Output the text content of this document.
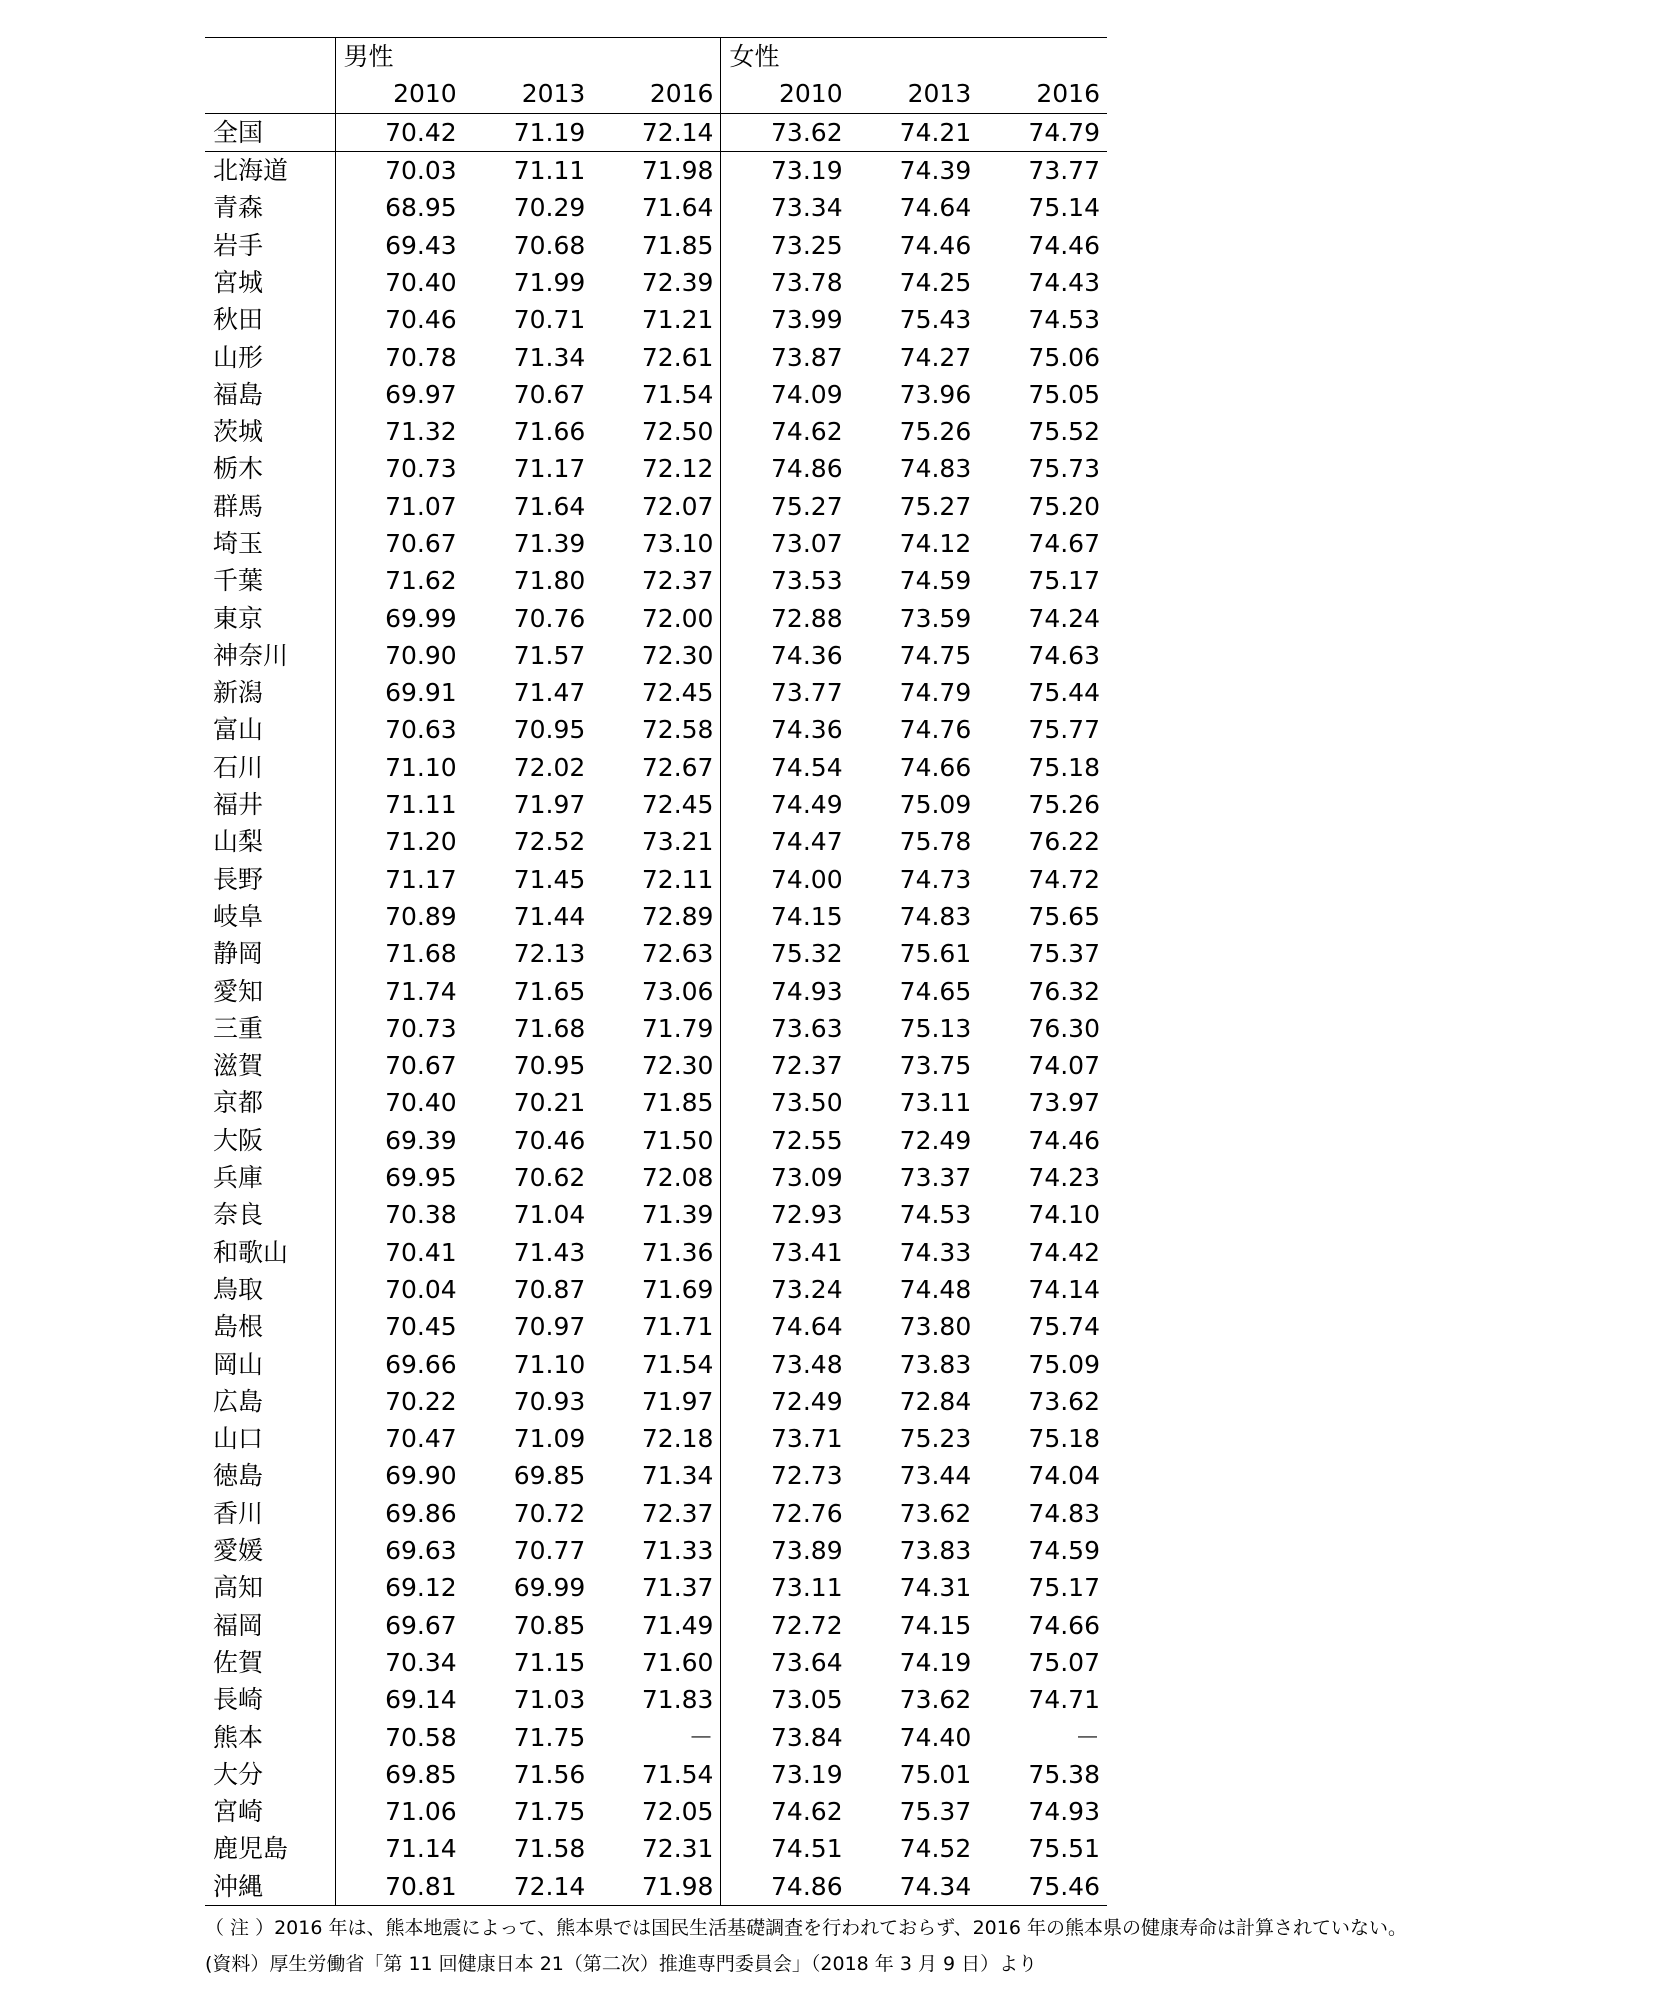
	男性			女性		
	2010	2013	2016	2010	2013	2016
全国	70.42	71.19	72.14	73.62	74.21	74.79
北海道	70.03	71.11	71.98	73.19	74.39	73.77
青森	68.95	70.29	71.64	73.34	74.64	75.14
岩手	69.43	70.68	71.85	73.25	74.46	74.46
宮城	70.40	71.99	72.39	73.78	74.25	74.43
秋田	70.46	70.71	71.21	73.99	75.43	74.53
山形	70.78	71.34	72.61	73.87	74.27	75.06
福島	69.97	70.67	71.54	74.09	73.96	75.05
茨城	71.32	71.66	72.50	74.62	75.26	75.52
栃木	70.73	71.17	72.12	74.86	74.83	75.73
群馬	71.07	71.64	72.07	75.27	75.27	75.20
埼玉	70.67	71.39	73.10	73.07	74.12	74.67
千葉	71.62	71.80	72.37	73.53	74.59	75.17
東京	69.99	70.76	72.00	72.88	73.59	74.24
神奈川	70.90	71.57	72.30	74.36	74.75	74.63
新潟	69.91	71.47	72.45	73.77	74.79	75.44
富山	70.63	70.95	72.58	74.36	74.76	75.77
石川	71.10	72.02	72.67	74.54	74.66	75.18
福井	71.11	71.97	72.45	74.49	75.09	75.26
山梨	71.20	72.52	73.21	74.47	75.78	76.22
長野	71.17	71.45	72.11	74.00	74.73	74.72
岐阜	70.89	71.44	72.89	74.15	74.83	75.65
静岡	71.68	72.13	72.63	75.32	75.61	75.37
愛知	71.74	71.65	73.06	74.93	74.65	76.32
三重	70.73	71.68	71.79	73.63	75.13	76.30
滋賀	70.67	70.95	72.30	72.37	73.75	74.07
京都	70.40	70.21	71.85	73.50	73.11	73.97
大阪	69.39	70.46	71.50	72.55	72.49	74.46
兵庫	69.95	70.62	72.08	73.09	73.37	74.23
奈良	70.38	71.04	71.39	72.93	74.53	74.10
和歌山	70.41	71.43	71.36	73.41	74.33	74.42
鳥取	70.04	70.87	71.69	73.24	74.48	74.14
島根	70.45	70.97	71.71	74.64	73.80	75.74
岡山	69.66	71.10	71.54	73.48	73.83	75.09
広島	70.22	70.93	71.97	72.49	72.84	73.62
山口	70.47	71.09	72.18	73.71	75.23	75.18
徳島	69.90	69.85	71.34	72.73	73.44	74.04
香川	69.86	70.72	72.37	72.76	73.62	74.83
愛媛	69.63	70.77	71.33	73.89	73.83	74.59
高知	69.12	69.99	71.37	73.11	74.31	75.17
福岡	69.67	70.85	71.49	72.72	74.15	74.66
佐賀	70.34	71.15	71.60	73.64	74.19	75.07
長崎	69.14	71.03	71.83	73.05	73.62	74.71
熊本	70.58	71.75	－	73.84	74.40	－
大分	69.85	71.56	71.54	73.19	75.01	75.38
宮崎	71.06	71.75	72.05	74.62	75.37	74.93
鹿児島	71.14	71.58	72.31	74.51	74.52	75.51
沖縄	70.81	72.14	71.98	74.86	74.34	75.46
（ 注 ）2016 年は、熊本地震によって、熊本県では国民生活基礎調査を行われておらず、2016 年の熊本県の健康寿命は計算されていない。
(資料）厚生労働省「第 11 回健康日本 21（第二次）推進専門委員会」（2018 年 3 月 9 日）より
